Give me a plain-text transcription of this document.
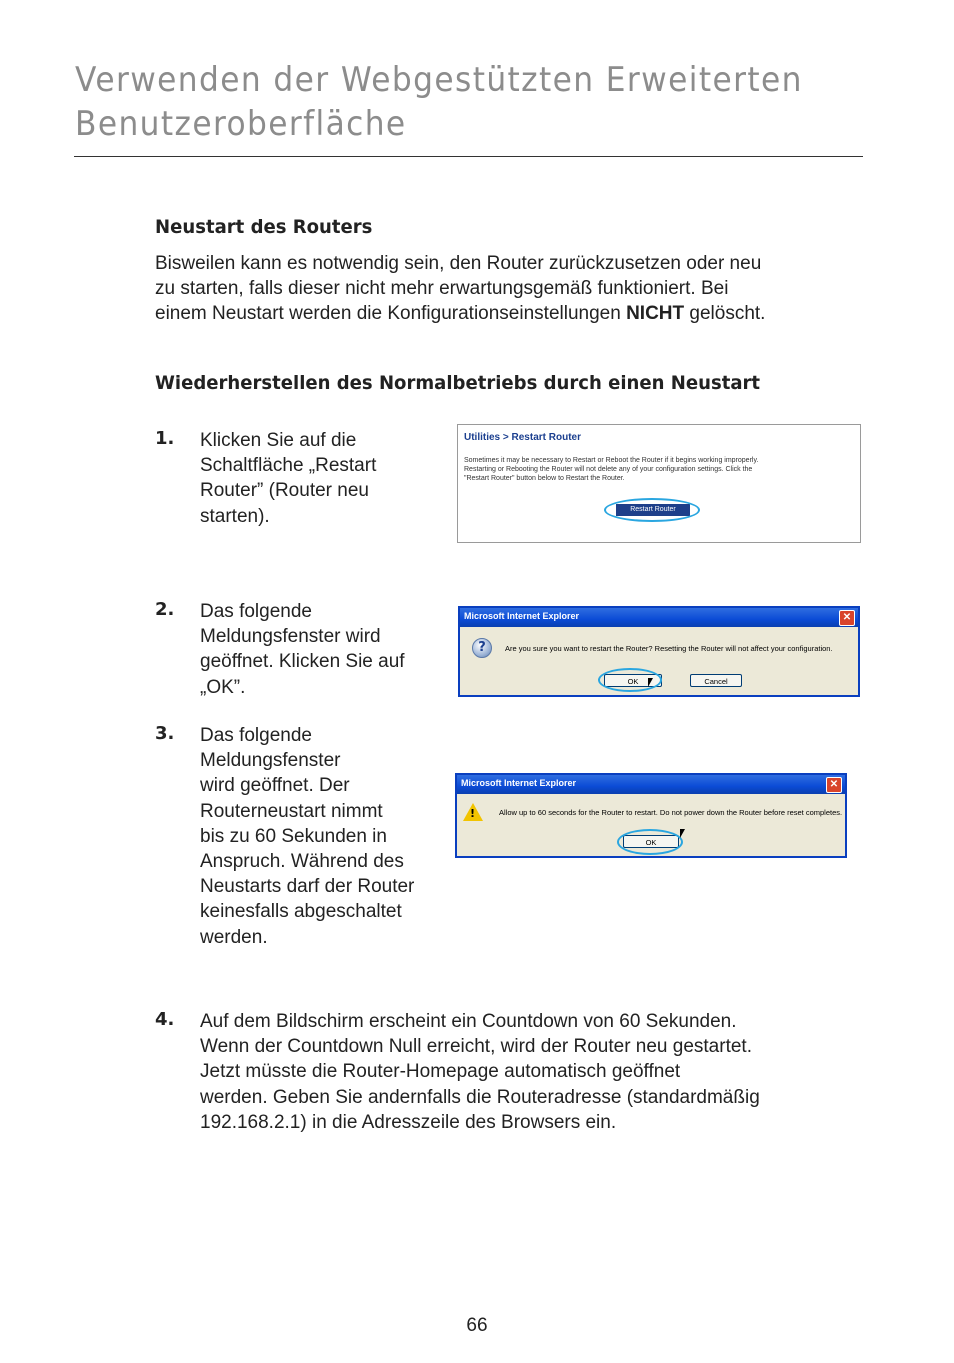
Verwenden der Webgestützten Erweiterten
Benutzeroberfläche
Neustart des Routers
Bisweilen kann es notwendig sein, den Router zurückzusetzen oder neu
zu starten, falls dieser nicht mehr erwartungsgemäß funktioniert. Bei
einem Neustart werden die Konfigurationseinstellungen NICHT gelöscht.
Wiederherstellen des Normalbetriebs durch einen Neustart
1. Klicken Sie auf die
Schaltfläche „Restart
Router” (Router neu
starten).
Utilities > Restart Router
Sometimes it may be necessary to Restart or Reboot the Router if it begins working improperly.
Restarting or Rebooting the Router will not delete any of your configuration settings. Click the
"Restart Router" button below to Restart the Router.
Restart Router
2. Das folgende
Meldungsfenster wird
geöffnet. Klicken Sie auf
„OK”.
Microsoft Internet Explorer	✕
?	Are you sure you want to restart the Router? Resetting the Router will not affect your configuration.
OK	Cancel
3. Das folgende
Meldungsfenster
wird geöffnet. Der
Routerneustart nimmt
bis zu 60 Sekunden in
Anspruch. Während des
Neustarts darf der Router
keinesfalls abgeschaltet
werden.
Microsoft Internet Explorer	✕
!	Allow up to 60 seconds for the Router to restart. Do not power down the Router before reset completes.
OK
4. Auf dem Bildschirm erscheint ein Countdown von 60 Sekunden.
Wenn der Countdown Null erreicht, wird der Router neu gestartet.
Jetzt müsste die Router-Homepage automatisch geöffnet
werden. Geben Sie andernfalls die Routeradresse (standardmäßig
192.168.2.1) in die Adresszeile des Browsers ein.
66
